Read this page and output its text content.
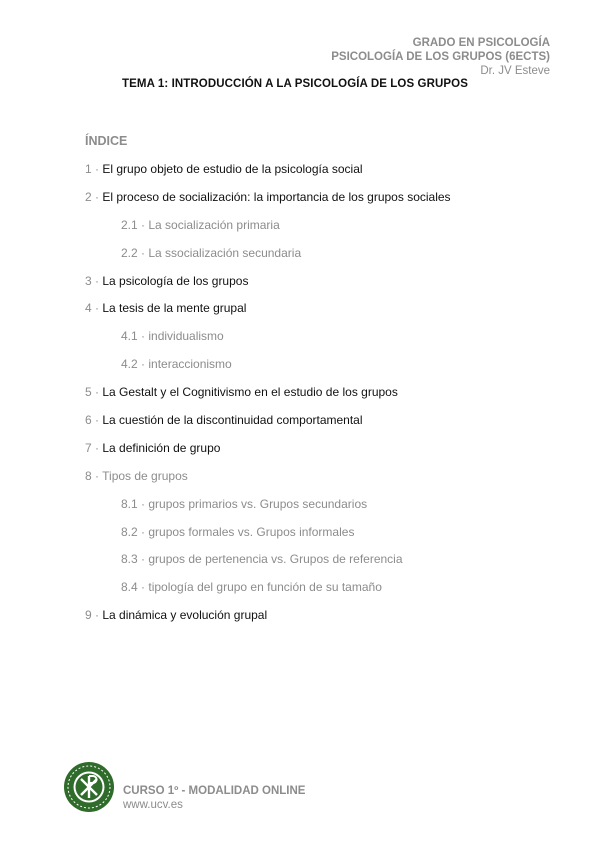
GRADO EN PSICOLOGÍA
PSICOLOGÍA DE LOS GRUPOS (6ECTS)
Dr. JV Esteve
TEMA 1: INTRODUCCIÓN A LA PSICOLOGÍA DE LOS GRUPOS
ÍNDICE
1 · El grupo objeto de estudio de la psicología social
2 · El proceso de socialización: la importancia de los grupos sociales
2.1 · La socialización primaria
2.2 · La ssocialización secundaria
3 · La psicología de los grupos
4 · La tesis de la mente grupal
4.1 · individualismo
4.2 · interaccionismo
5 · La Gestalt y el Cognitivismo en el estudio de los grupos
6 · La cuestión de la discontinuidad comportamental
7 · La definición de grupo
8 · Tipos de grupos
8.1 · grupos primarios vs. Grupos secundarios
8.2 · grupos formales vs. Grupos informales
8.3 · grupos de pertenencia vs. Grupos de referencia
8.4 · tipología del grupo en función de su tamaño
9 · La dinámica y evolución grupal
CURSO 1º - MODALIDAD ONLINE
www.ucv.es
